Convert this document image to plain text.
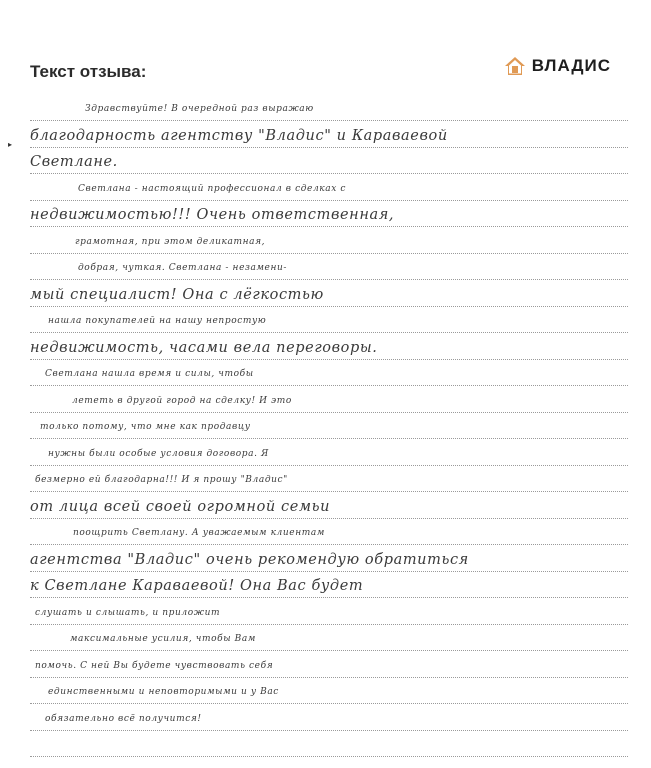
Текст отзыва:	ВЛАДИС
▸
Здравствуйте! В очередной раз выражаю
благодарность агентству "Владис" и Караваевой
Светлане.
Светлана - настоящий профессионал в сделках с
недвижимостью!!! Очень ответственная,
грамотная, при этом деликатная,
добрая, чуткая. Светлана - незамени-
мый специалист! Она с лёгкостью
нашла покупателей на нашу непростую
недвижимость, часами вела переговоры.
Светлана нашла время и силы, чтобы
лететь в другой город на сделку! И это
только потому, что мне как продавцу
нужны были особые условия договора. Я
безмерно ей благодарна!!! И я прошу "Владис"
от лица всей своей огромной семьи
поощрить Светлану. А уважаемым клиентам
агентства "Владис" очень рекомендую обратиться
к Светлане Караваевой! Она Вас будет
слушать и слышать, и приложит
максимальные усилия, чтобы Вам
помочь. С ней Вы будете чувствовать себя
единственными и неповторимыми и у Вас
обязательно всё получится!
